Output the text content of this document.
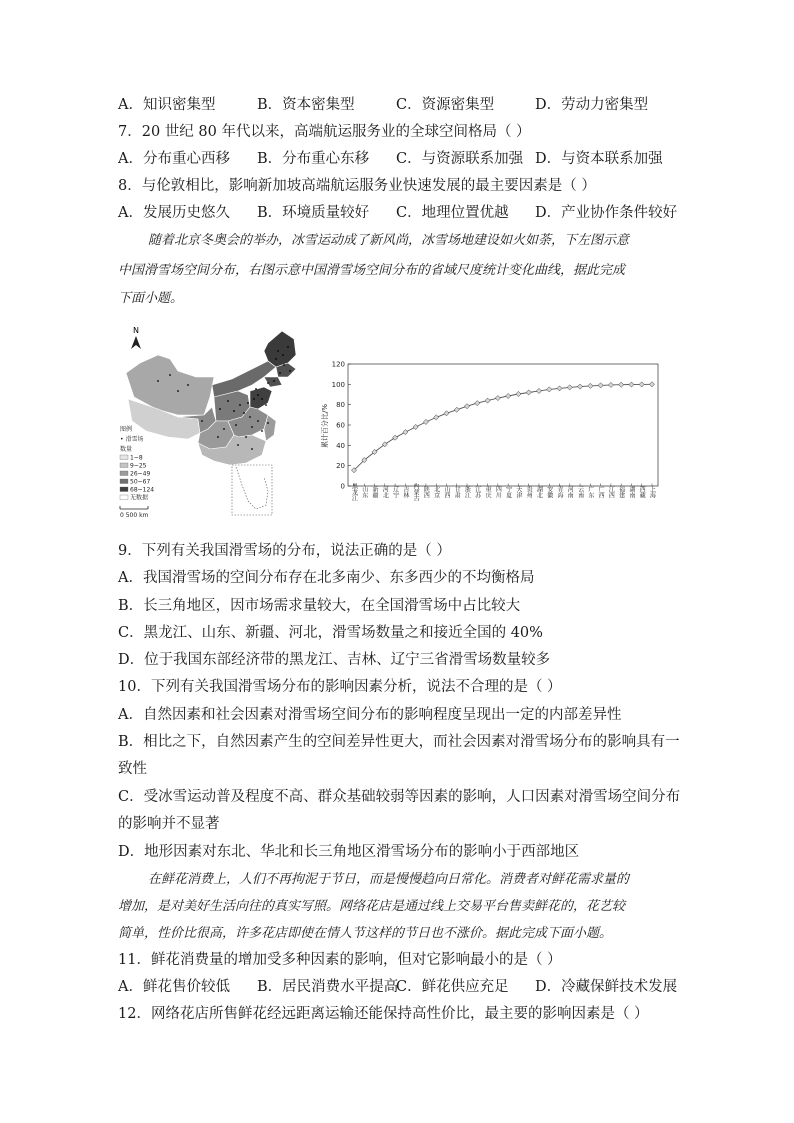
A．知识密集型	B．资本密集型	C．资源密集型	D．劳动力密集型
7．20 世纪 80 年代以来，高端航运服务业的全球空间格局（ ）
A．分布重心西移 B．分布重心东移 C．与资源联系加强 D．与资本联系加强
8．与伦敦相比，影响新加坡高端航运服务业快速发展的最主要因素是（ ）
A．发展历史悠久 B．环境质量较好 C．地理位置优越 D．产业协作条件较好
随着北京冬奥会的举办，冰雪运动成了新风尚，冰雪场地建设如火如荼，下左图示意
中国滑雪场空间分布，右图示意中国滑雪场空间分布的省域尺度统计变化曲线，据此完成
下面小题。
N
图例
• 滑雪场
数量
1~8
9~25
26~49
50~67
68~124
无数据
0 500 km
0
20
40
60
80
100
120
黑龙江 山东 新疆 河北 辽宁 吉林 内蒙古 陕西 北京 山西 甘肃 浙江 江苏 重庆 四川 宁夏 天津 贵州 湖北 安徽 青海 河南 云南 广东 广西 江西 福建 湖南 西藏 上海
累计百分比/%
9．下列有关我国滑雪场的分布，说法正确的是（ ）
A．我国滑雪场的空间分布存在北多南少、东多西少的不均衡格局
B．长三角地区，因市场需求量较大，在全国滑雪场中占比较大
C．黑龙江、山东、新疆、河北，滑雪场数量之和接近全国的 40%
D．位于我国东部经济带的黑龙江、吉林、辽宁三省滑雪场数量较多
10．下列有关我国滑雪场分布的影响因素分析，说法不合理的是（ ）
A．自然因素和社会因素对滑雪场空间分布的影响程度呈现出一定的内部差异性
B．相比之下，自然因素产生的空间差异性更大，而社会因素对滑雪场分布的影响具有一
致性
C．受冰雪运动普及程度不高、群众基础较弱等因素的影响，人口因素对滑雪场空间分布
的影响并不显著
D．地形因素对东北、华北和长三角地区滑雪场分布的影响小于西部地区
在鲜花消费上，人们不再拘泥于节日，而是慢慢趋向日常化。消费者对鲜花需求量的
增加，是对美好生活向往的真实写照。网络花店是通过线上交易平台售卖鲜花的，花艺较
简单，性价比很高，许多花店即使在情人节这样的节日也不涨价。据此完成下面小题。
11．鲜花消费量的增加受多种因素的影响，但对它影响最小的是（ ）
A．鲜花售价较低 B．居民消费水平提高
C．鲜花供应充足 D．冷藏保鲜技术发展
12．网络花店所售鲜花经远距离运输还能保持高性价比，最主要的影响因素是（ ）
